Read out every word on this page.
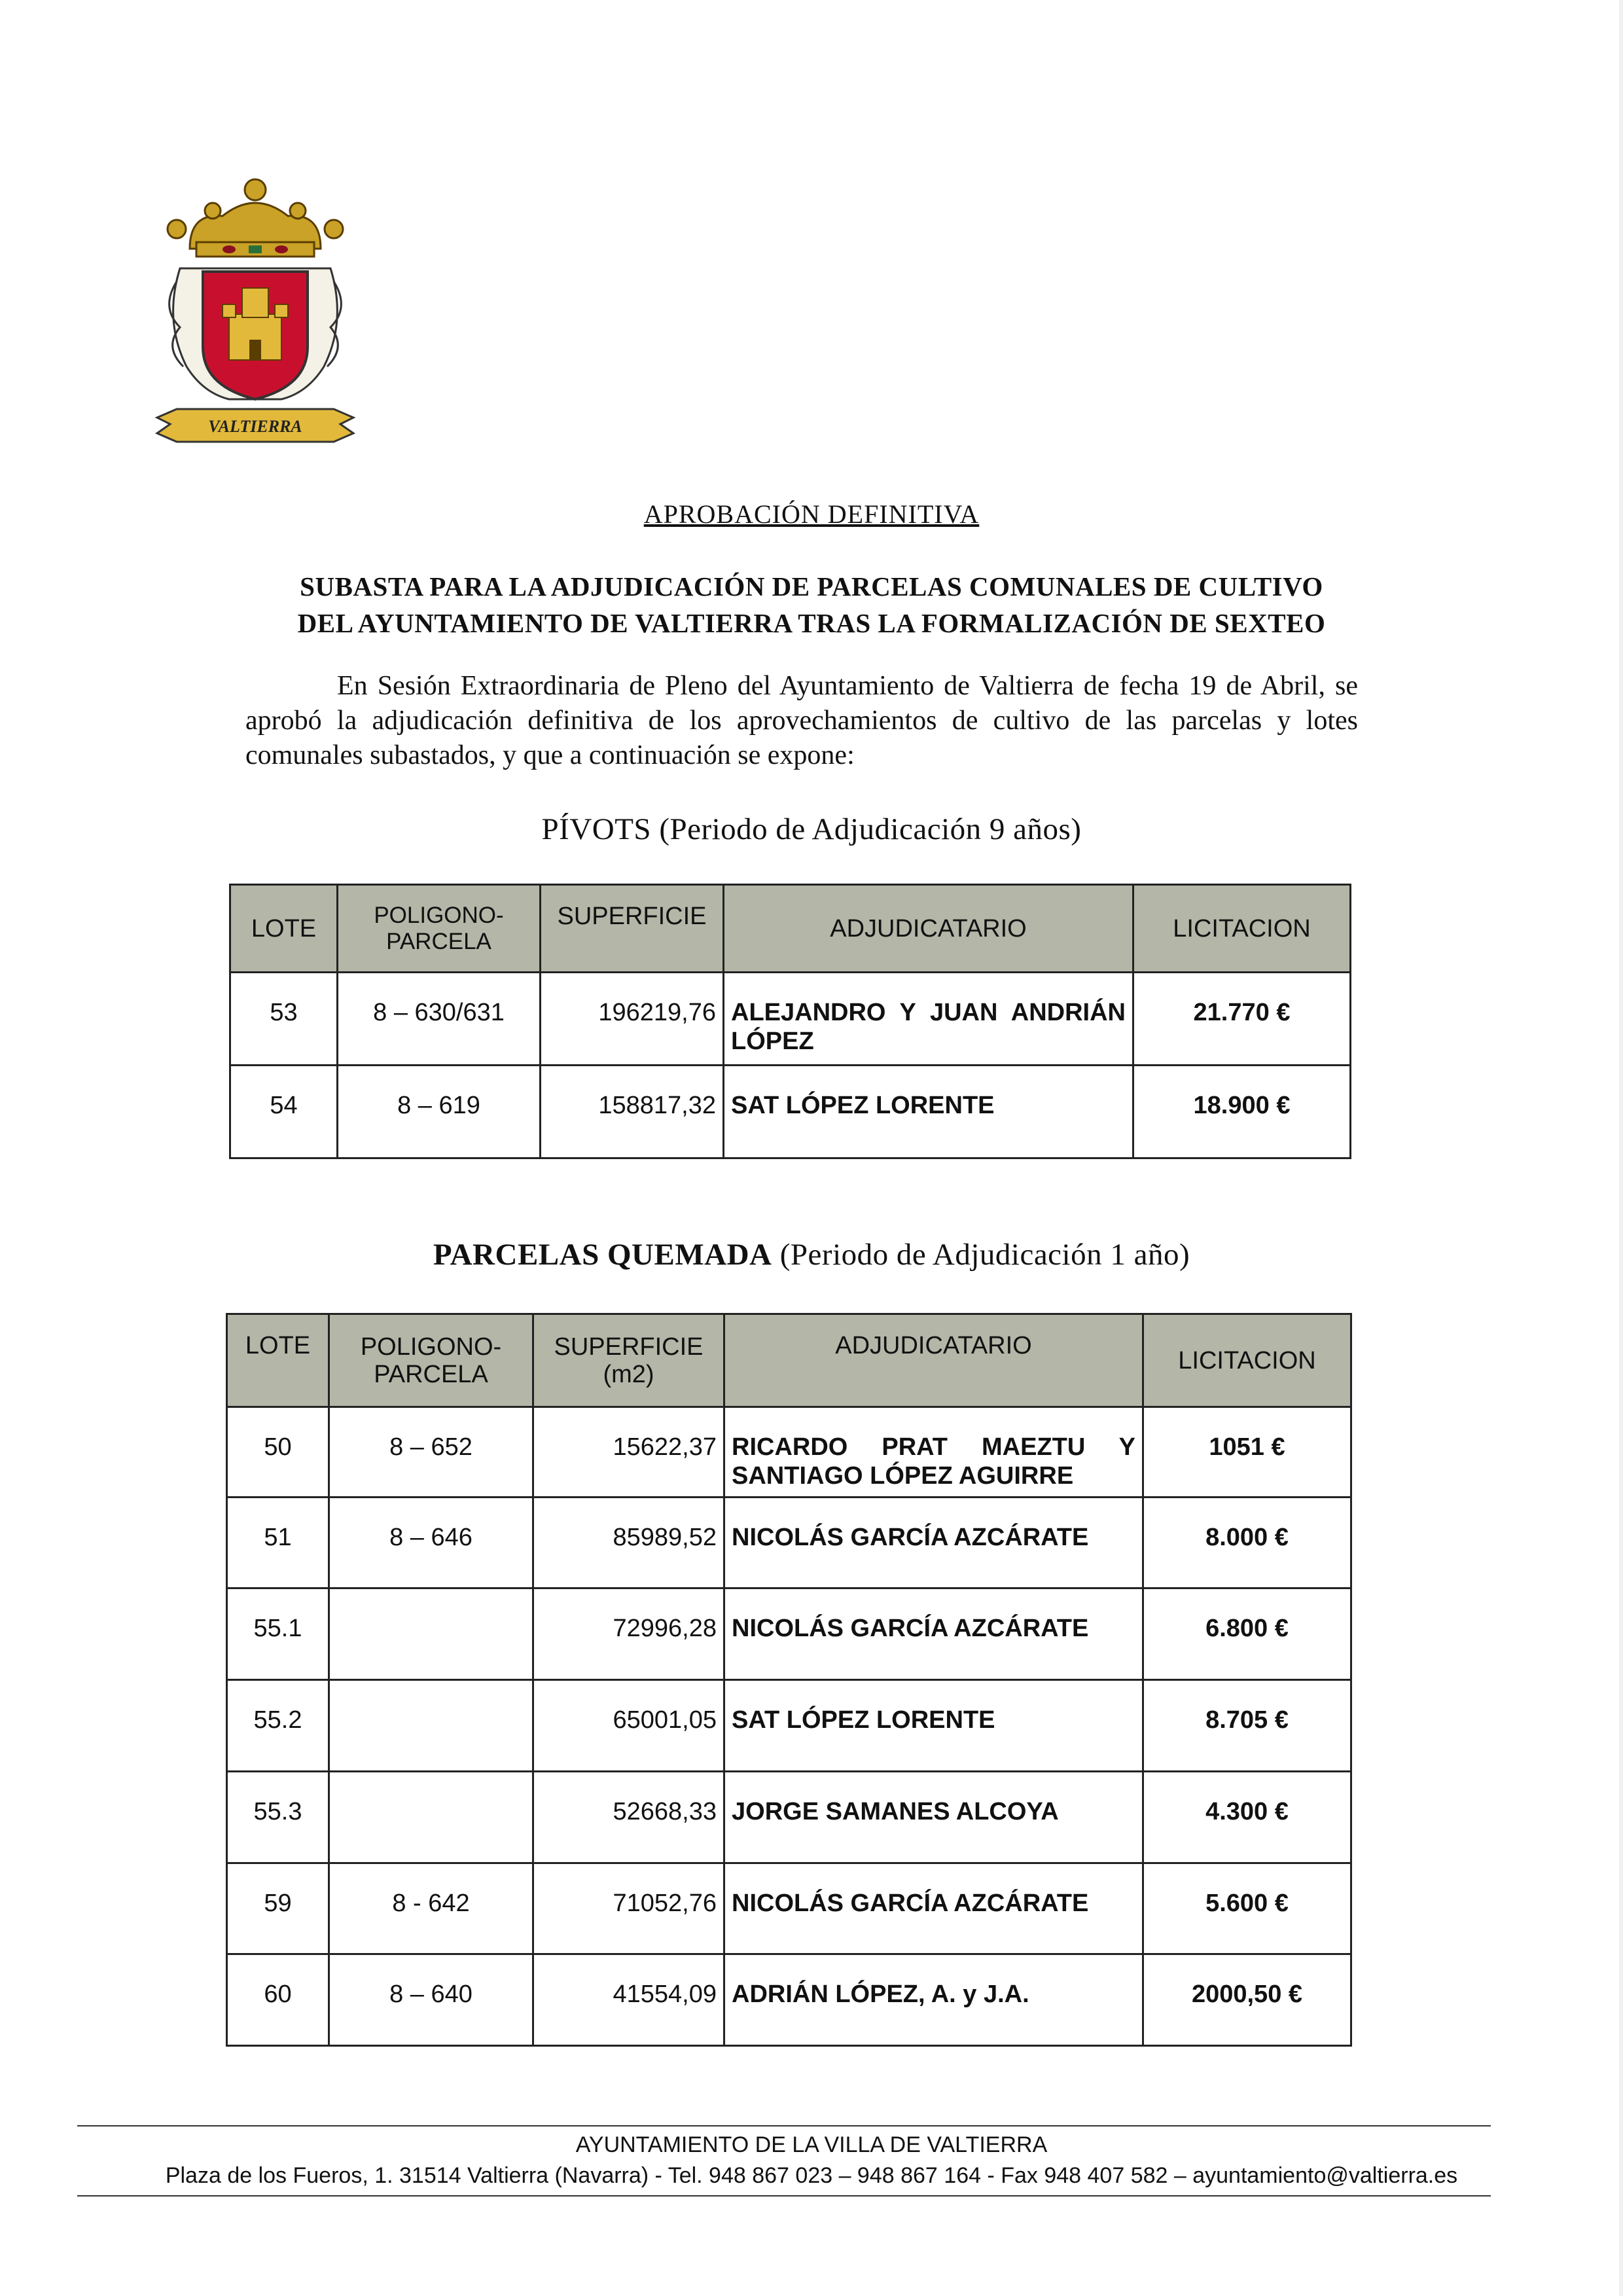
VALTIERRA
APROBACIÓN DEFINITIVA
SUBASTA PARA LA ADJUDICACIÓN DE PARCELAS COMUNALES DE CULTIVO
DEL AYUNTAMIENTO DE VALTIERRA TRAS LA FORMALIZACIÓN DE SEXTEO
En Sesión Extraordinaria de Pleno del Ayuntamiento de Valtierra de fecha 19 de Abril, se aprobó la adjudicación definitiva de los aprovechamientos de cultivo de las parcelas y lotes comunales subastados, y que a continuación se expone:
PÍVOTS (Periodo de Adjudicación 9 años)
LOTE	POLIGONO-PARCELA	SUPERFICIE	ADJUDICATARIO	LICITACION
53	8 – 630/631	196219,76	ALEJANDRO Y JUAN ANDRIÁN LÓPEZ	21.770 €
54	8 – 619	158817,32	SAT LÓPEZ LORENTE	18.900 €
PARCELAS QUEMADA (Periodo de Adjudicación 1 año)
LOTE	POLIGONO-PARCELA	SUPERFICIE (m2)	ADJUDICATARIO	LICITACION
50	8 – 652	15622,37	RICARDO PRAT MAEZTU Y SANTIAGO LÓPEZ AGUIRRE	1051 €
51	8 – 646	85989,52	NICOLÁS GARCÍA AZCÁRATE	8.000 €
55.1		72996,28	NICOLÁS GARCÍA AZCÁRATE	6.800 €
55.2		65001,05	SAT LÓPEZ LORENTE	8.705 €
55.3		52668,33	JORGE SAMANES ALCOYA	4.300 €
59	8 - 642	71052,76	NICOLÁS GARCÍA AZCÁRATE	5.600 €
60	8 – 640	41554,09	ADRIÁN LÓPEZ, A. y J.A.	2000,50 €
AYUNTAMIENTO DE LA VILLA DE VALTIERRA
Plaza de los Fueros, 1. 31514 Valtierra (Navarra) - Tel. 948 867 023 – 948 867 164 - Fax 948 407 582 – ayuntamiento@valtierra.es
